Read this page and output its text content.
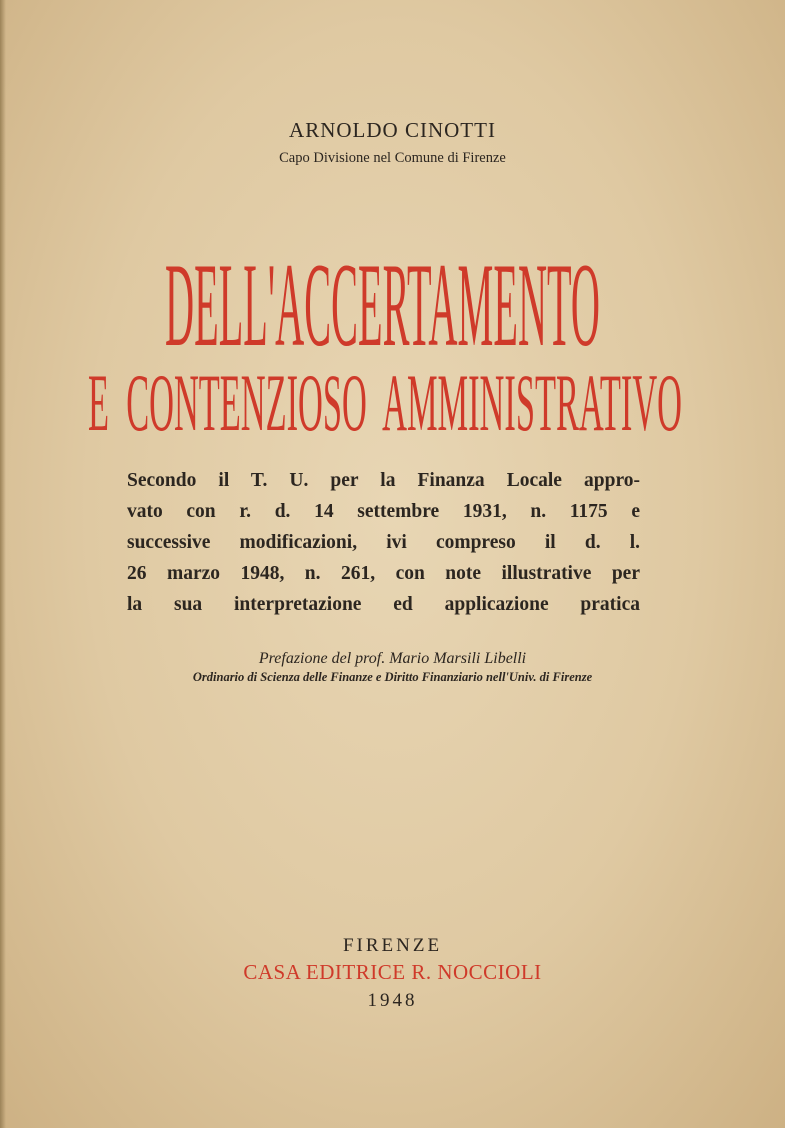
ARNOLDO CINOTTI
Capo Divisione nel Comune di Firenze
DELL'ACCERTAMENTO
E  CONTENZIOSO  AMMINISTRATIVO
Secondo il T. U. per la Finanza Locale appro-
vato con r. d. 14 settembre 1931, n. 1175 e
successive modificazioni, ivi compreso il d. l.
26 marzo 1948, n. 261, con note illustrative per
la sua interpretazione ed applicazione pratica
Prefazione del prof. Mario Marsili Libelli
Ordinario di Scienza delle Finanze e Diritto Finanziario nell'Univ. di Firenze
FIRENZE
CASA EDITRICE R. NOCCIOLI
1948
